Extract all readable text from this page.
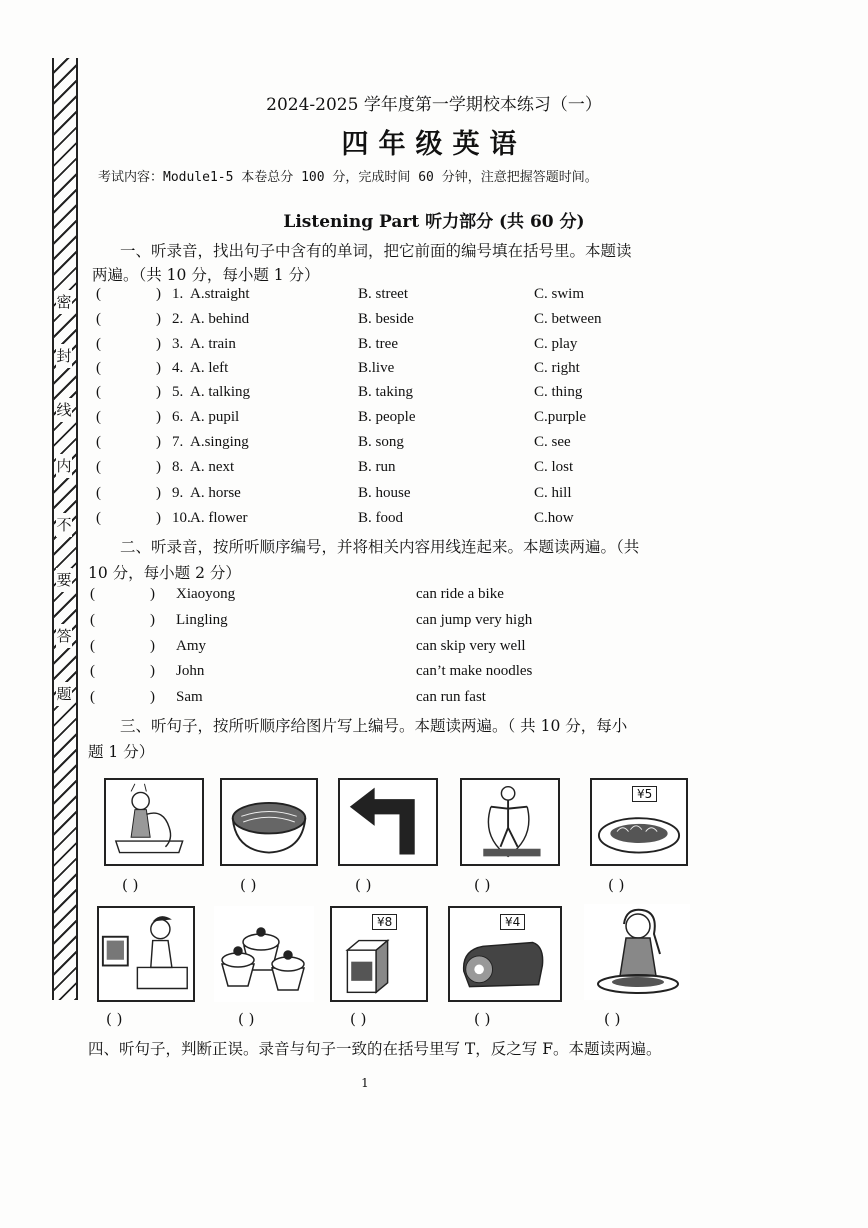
密
封
线
内
不
要
答
题
2024-2025 学年度第一学期校本练习（一）
四年级英语
考试内容：Module1-5 本卷总分 100 分，完成时间 60 分钟，注意把握答题时间。
Listening Part 听力部分 (共 60 分)
一、听录音，找出句子中含有的单词，把它前面的编号填在括号里。本题读
两遍。（共 10 分，每小题 1 分）
(	) 1. A.straight	B. street	C. swim
(	) 2. A. behind	B. beside	C. between
(	) 3. A. train	B. tree	C. play
(	) 4. A. left	B.live	C. right
(	) 5. A. talking	B. taking	C. thing
(	) 6. A. pupil	B. people	C.purple
(	) 7. A.singing	B. song	C. see
(	) 8. A. next	B. run	C. lost
(	) 9. A. horse	B. house	C. hill
(	) 10. A. flower	B. food	C.how
二、听录音，按所听顺序编号，并将相关内容用线连起来。本题读两遍。（共
10 分，每小题 2 分）
(	) Xiaoyong	can ride a bike
(	) Lingling	can jump very high
(	) Amy	can skip very well
(	) John	can’t make noodles
(	) Sam	can run fast
三、听句子，按所听顺序给图片写上编号。本题读两遍。（ 共 10 分，每小
题 1 分）
¥5
( )	( )	( )	( )	( )
¥8	¥4
( )	( )	( )	( )	( )
四、听句子，判断正误。录音与句子一致的在括号里写 T，反之写 F。本题读两遍。
1
